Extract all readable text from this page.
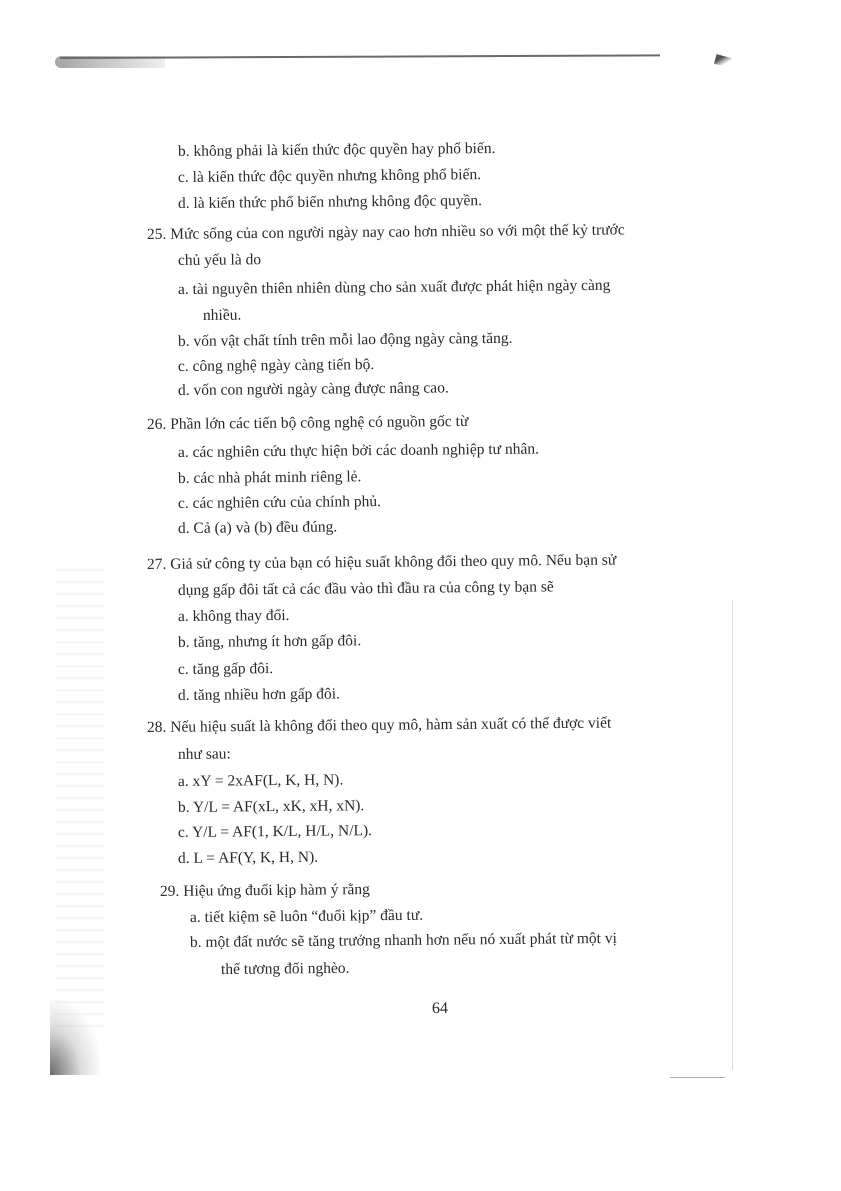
b. không phải là kiến thức độc quyền hay phổ biến.
c. là kiến thức độc quyền nhưng không phổ biến.
d. là kiến thức phổ biến nhưng không độc quyền.
25. Mức sống của con người ngày nay cao hơn nhiều so với một thế kỷ trước
chủ yếu là do
a. tài nguyên thiên nhiên dùng cho sản xuất được phát hiện ngày càng
nhiều.
b. vốn vật chất tính trên mỗi lao động ngày càng tăng.
c. công nghệ ngày càng tiến bộ.
d. vốn con người ngày càng được nâng cao.
26. Phần lớn các tiến bộ công nghệ có nguồn gốc từ
a. các nghiên cứu thực hiện bởi các doanh nghiệp tư nhân.
b. các nhà phát minh riêng lẻ.
c. các nghiên cứu của chính phủ.
d. Cả (a) và (b) đều đúng.
27. Giả sử công ty của bạn có hiệu suất không đổi theo quy mô. Nếu bạn sử
dụng gấp đôi tất cả các đầu vào thì đầu ra của công ty bạn sẽ
a. không thay đổi.
b. tăng, nhưng ít hơn gấp đôi.
c. tăng gấp đôi.
d. tăng nhiều hơn gấp đôi.
28. Nếu hiệu suất là không đổi theo quy mô, hàm sản xuất có thể được viết
như sau:
a. xY = 2xAF(L, K, H, N).
b. Y/L = AF(xL, xK, xH, xN).
c. Y/L = AF(1, K/L, H/L, N/L).
d. L = AF(Y, K, H, N).
29. Hiệu ứng đuổi kịp hàm ý rằng
a. tiết kiệm sẽ luôn “đuổi kịp” đầu tư.
b. một đất nước sẽ tăng trưởng nhanh hơn nếu nó xuất phát từ một vị
thế tương đối nghèo.
64
